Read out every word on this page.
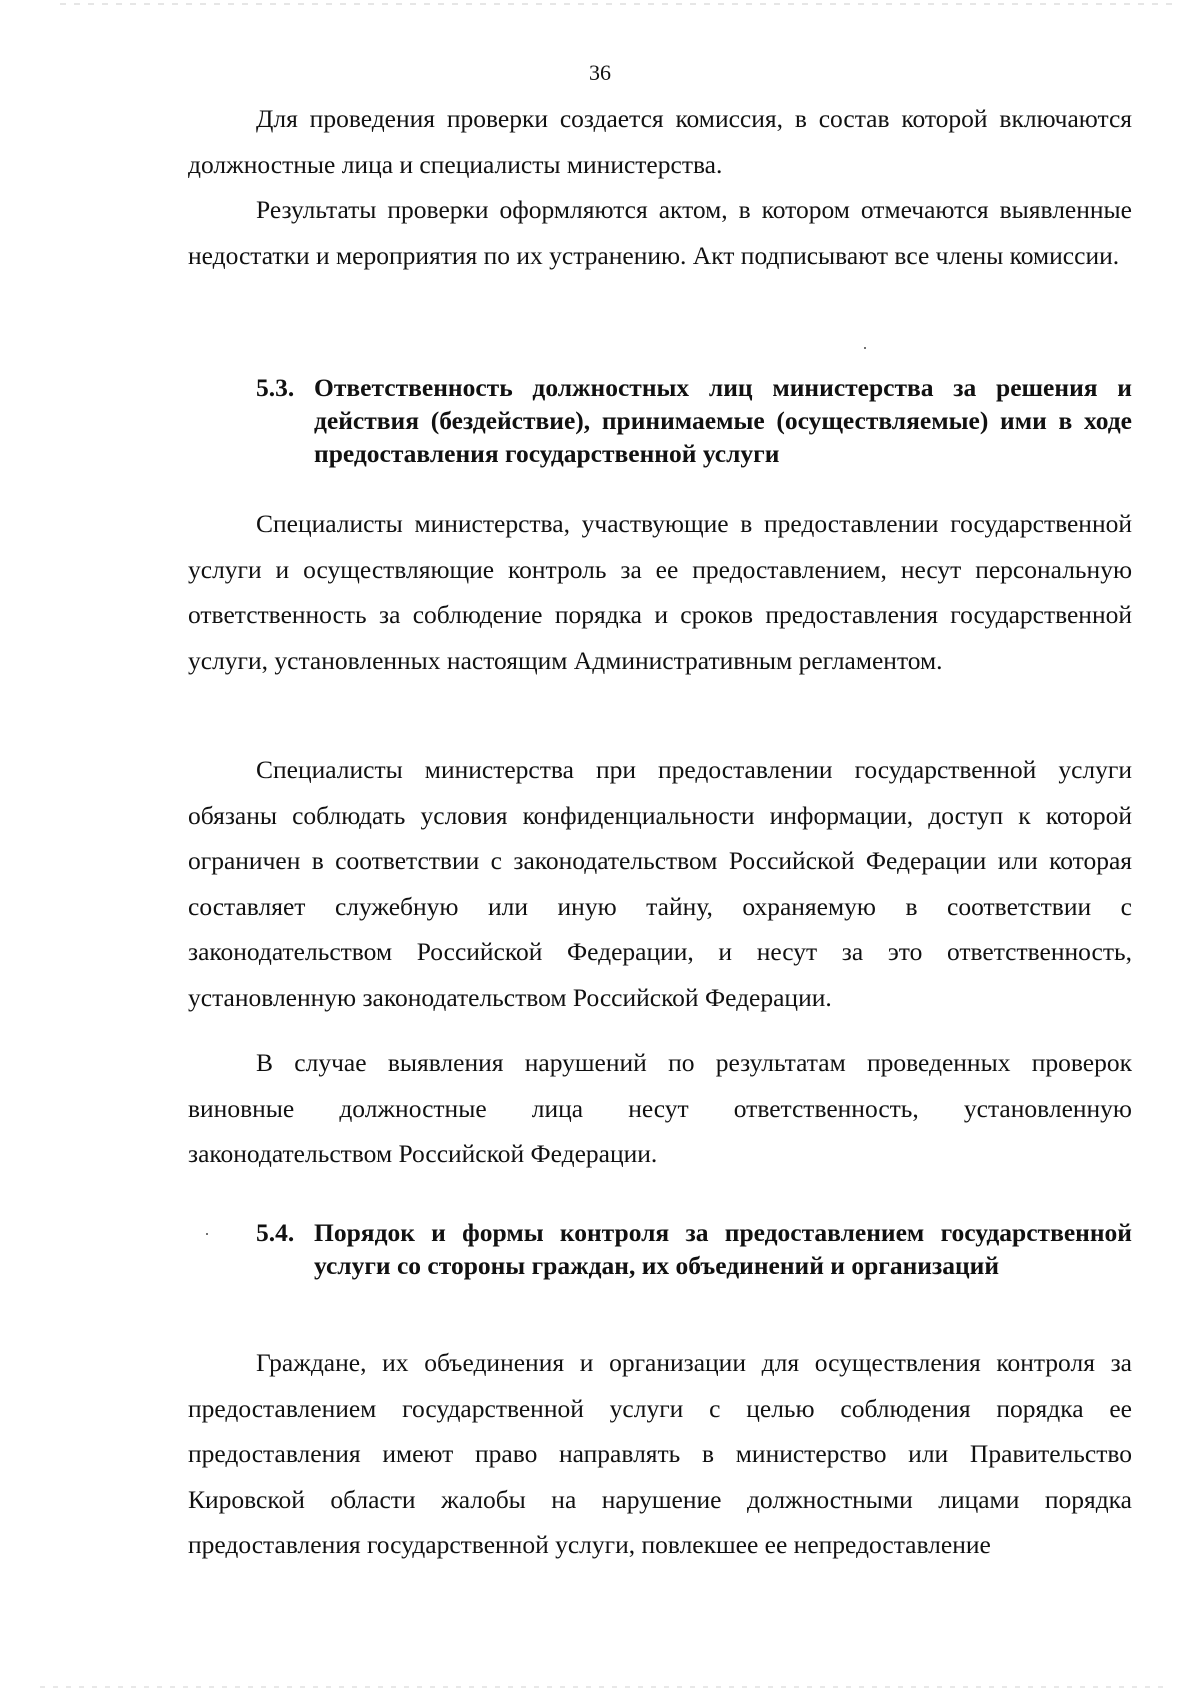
36

Для проведения проверки создается комиссия, в состав которой включаются должностные лица и специалисты министерства.

Результаты проверки оформляются актом, в котором отмечаются выявленные недостатки и мероприятия по их устранению. Акт подписывают все члены комиссии.

5.3. Ответственность должностных лиц министерства за решения и действия (бездействие), принимаемые (осуществляемые) ими в ходе предоставления государственной услуги

Специалисты министерства, участвующие в предоставлении государственной услуги и осуществляющие контроль за ее предоставлением, несут персональную ответственность за соблюдение порядка и сроков предоставления государственной услуги, установленных настоящим Административным регламентом.

Специалисты министерства при предоставлении государственной услуги обязаны соблюдать условия конфиденциальности информации, доступ к которой ограничен в соответствии с законодательством Российской Федерации или которая составляет служебную или иную тайну, охраняемую в соответствии с законодательством Российской Федерации, и несут за это ответственность, установленную законодательством Российской Федерации.

В случае выявления нарушений по результатам проведенных проверок виновные должностные лица несут ответственность, установленную законодательством Российской Федерации.

5.4. Порядок и формы контроля за предоставлением государственной услуги со стороны граждан, их объединений и организаций

Граждане, их объединения и организации для осуществления контроля за предоставлением государственной услуги с целью соблюдения порядка ее предоставления имеют право направлять в министерство или Правительство Кировской области жалобы на нарушение должностными лицами порядка предоставления государственной услуги, повлекшее ее непредоставление
